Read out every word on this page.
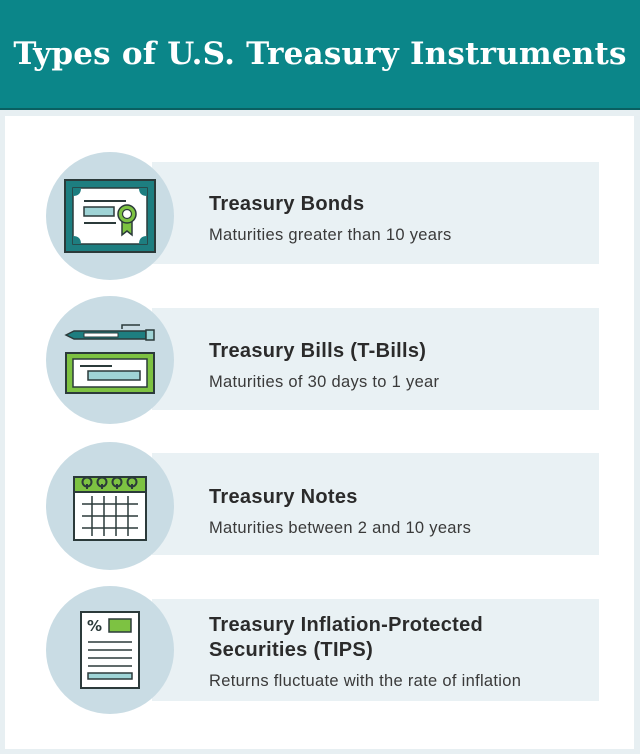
Types of U.S. Treasury Instruments

Treasury Bonds

Maturities greater than 10 years

Treasury Bills (T-Bills)

Maturities of 30 days to 1 year

Treasury Notes

Maturities between 2 and 10 years

%	Treasury Inflation-Protected

Securities (TIPS)

Returns fluctuate with the rate of inflation
